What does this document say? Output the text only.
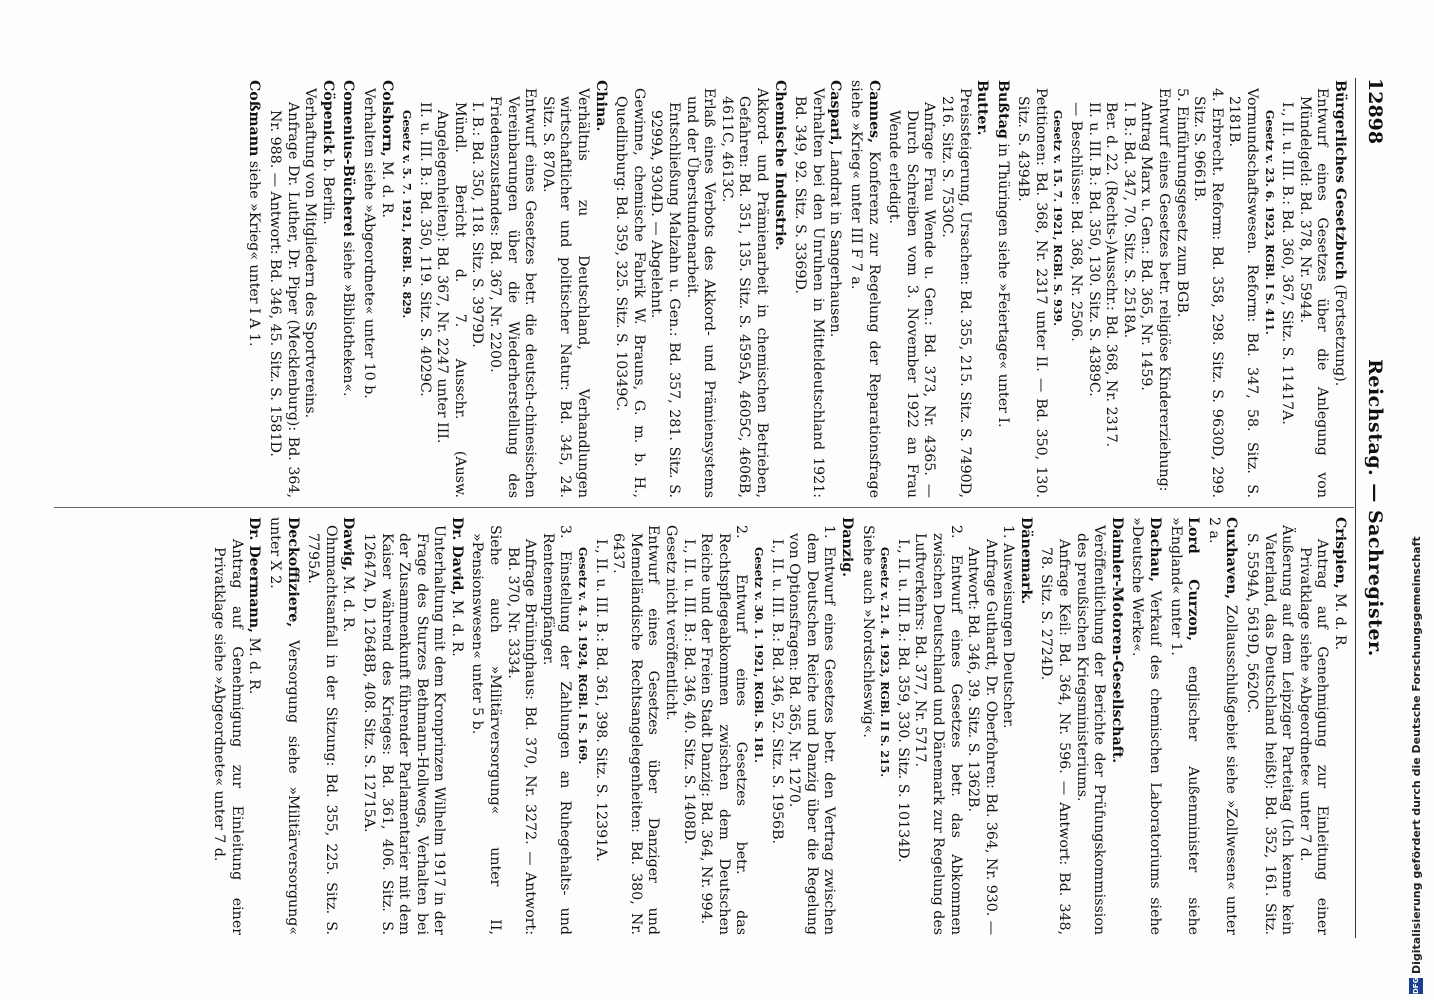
12898
Reichstag. — Sachregister.
Bürgerliches Gesetzbuch (Fortsetzung).
Entwurf eines Gesetzes über die Anlegung von Mündelgeld: Bd. 378, Nr. 5944.
I., II. u. III. B.: Bd. 360, 367, Sitz. S. 11417A.
Gesetz v. 23. 6. 1923, RGBl. I S. 411.
Vormundschaftswesen. Reform: Bd. 347, 58. Sitz. S. 2181B.
4. Erbrecht. Reform: Bd. 358, 298. Sitz. S. 9630D, 299. Sitz. S. 9661B.
5. Einführungsgesetz zum BGB.
Entwurf eines Gesetzes betr. religiöse Kindererziehung:
Antrag Marx u. Gen.: Bd. 365, Nr. 1459.
I. B.: Bd. 347, 70. Sitz. S. 2518A.
Ber. d. 22. (Rechts-)Ausschr.: Bd. 368, Nr. 2317.
II. u. III. B.: Bd. 350, 130. Sitz. S. 4389C.
— Beschlüsse: Bd. 368, Nr. 2506.
Gesetz v. 15. 7. 1921, RGBl. S. 939.
Petitionen: Bd. 368, Nr. 2317 unter II. — Bd. 350, 130. Sitz. S. 4394B.
Bußtag in Thüringen siehe »Feiertage« unter I.
Butter.
Preissteigerung, Ursachen: Bd. 355, 215. Sitz. S. 7490D, 216. Sitz. S. 7530C.
Anfrage Frau Wende u. Gen.: Bd. 373, Nr. 4365. — Durch Schreiben vom 3. November 1922 an Frau Wende erledigt.
Cannes, Konferenz zur Regelung der Reparationsfrage siehe »Krieg« unter III F 7 a.
Caspari, Landrat in Sangerhausen.
Verhalten bei den Unruhen in Mitteldeutschland 1921: Bd. 349, 92. Sitz. S. 3369D.
Chemische Industrie.
Akkord- und Prämienarbeit in chemischen Betrieben, Gefahren: Bd. 351, 135. Sitz. S. 4595A, 4605C, 4606B, 4611C, 4613C.
Erlaß eines Verbots des Akkord- und Prämiensystems und der Überstundenarbeit.
Entschließung Malzahn u. Gen.: Bd. 357, 281. Sitz. S. 9299A, 9304D. — Abgelehnt.
Gewinne, chemische Fabrik W. Brauns, G. m. b. H., Quedlinburg: Bd. 359, 325. Sitz. S. 10349C.
China.
Verhältnis zu Deutschland, Verhandlungen wirtschaftlicher und politischer Natur: Bd. 345, 24. Sitz. S. 870A.
Entwurf eines Gesetzes betr. die deutsch-chinesischen Vereinbarungen über die Wiederherstellung des Friedenszustandes: Bd. 367, Nr. 2200.
I. B.: Bd. 350, 118. Sitz. S. 3979D.
Mündl. Bericht d. 7. Ausschr. (Ausw. Angelegenheiten): Bd. 367, Nr. 2247 unter III.
II. u. III. B.: Bd. 350, 119. Sitz. S. 4029C.
Gesetz v. 5. 7. 1921, RGBl. S. 829.
Colshorn, M. d. R.
Verhalten siehe »Abgeordnete« unter 10 b.
Comenius-Bücherei siehe »Bibliotheken«.
Cöpenick b. Berlin.
Verhaftung von Mitgliedern des Sportvereins.
Anfrage Dr. Luther, Dr. Piper (Mecklenburg): Bd. 364, Nr. 988. — Antwort: Bd. 346, 45. Sitz. S. 1581D.
Coßmann siehe »Krieg« unter I A 1.
Crispien, M. d. R.
Antrag auf Genehmigung zur Einleitung einer Privatklage siehe »Abgeordnete« unter 7 d.
Äußerung auf dem Leipziger Parteitag (Ich kenne kein Vaterland, das Deutschland heißt): Bd. 352, 161. Sitz. S. 5594A, 5619D, 5620C.
Cuxhaven, Zollausschlußgebiet siehe »Zollwesen« unter 2 a.
Lord Curzon, englischer Außenminister siehe »England« unter 1.
Dachau, Verkauf des chemischen Laboratoriums siehe »Deutsche Werke«.
Daimler-Motoren-Gesellschaft.
Veröffentlichung der Berichte der Prüfungskommission des preußischen Kriegsministeriums.
Anfrage Keil: Bd. 364, Nr. 596. — Antwort: Bd. 348, 78. Sitz. S. 2724D.
Dänemark.
1. Ausweisungen Deutscher.
Anfrage Guthardt, Dr. Oberfohren: Bd. 364, Nr. 930. — Antwort: Bd. 346, 39. Sitz. S. 1362B.
2. Entwurf eines Gesetzes betr. das Abkommen zwischen Deutschland und Dänemark zur Regelung des Luftverkehrs: Bd. 377, Nr. 5717.
I., II. u. III. B.: Bd. 359, 330. Sitz. S. 10134D.
Gesetz v. 21. 4. 1923, RGBl. II S. 215.
Siehe auch »Nordschleswig«.
Danzig.
1. Entwurf eines Gesetzes betr. den Vertrag zwischen dem Deutschen Reiche und Danzig über die Regelung von Optionsfragen: Bd. 365, Nr. 1270.
I., II. u. III. B.: Bd. 346, 52. Sitz. S. 1956B.
Gesetz v. 30. 1. 1921, RGBl. S. 181.
2. Entwurf eines Gesetzes betr. das Rechtspflegeabkommen zwischen dem Deutschen Reiche und der Freien Stadt Danzig: Bd. 364, Nr. 994.
I., II. u. III. B.: Bd. 346, 40. Sitz. S. 1408D.
Gesetz nicht veröffentlicht.
Entwurf eines Gesetzes über Danziger und Memelländische Rechtsangelegenheiten: Bd. 380, Nr. 6437.
I., II. u. III. B.: Bd. 361, 398. Sitz. S. 12391A.
Gesetz v. 4. 3. 1924, RGBl. I S. 169.
3. Einstellung der Zahlungen an Ruhegehalts- und Rentenempfänger.
Anfrage Brüninghaus: Bd. 370, Nr. 3272. — Antwort: Bd. 370, Nr. 3334.
Siehe auch »Militärversorgung« unter II, »Pensionswesen« unter 5 b.
Dr. David, M. d. R.
Unterhaltung mit dem Kronprinzen Wilhelm 1917 in der Frage des Sturzes Bethmann-Hollwegs, Verhalten bei der Zusammenkunft führender Parlamentarier mit dem Kaiser während des Krieges: Bd. 361, 406. Sitz. S. 12647A, D, 12648B, 408. Sitz. S. 12715A.
Dawig, M. d. R.
Ohnmachtsanfall in der Sitzung: Bd. 355, 225. Sitz. S. 7795A.
Deckoffiziere, Versorgung siehe »Militärversorgung« unter X 2.
Dr. Deermann, M. d. R.
Antrag auf Genehmigung zur Einleitung einer Privatklage siehe »Abgeordnete« unter 7 d.
DFG
Digitalisierung gefördert durch die Deutsche Forschungsgemeinschaft
